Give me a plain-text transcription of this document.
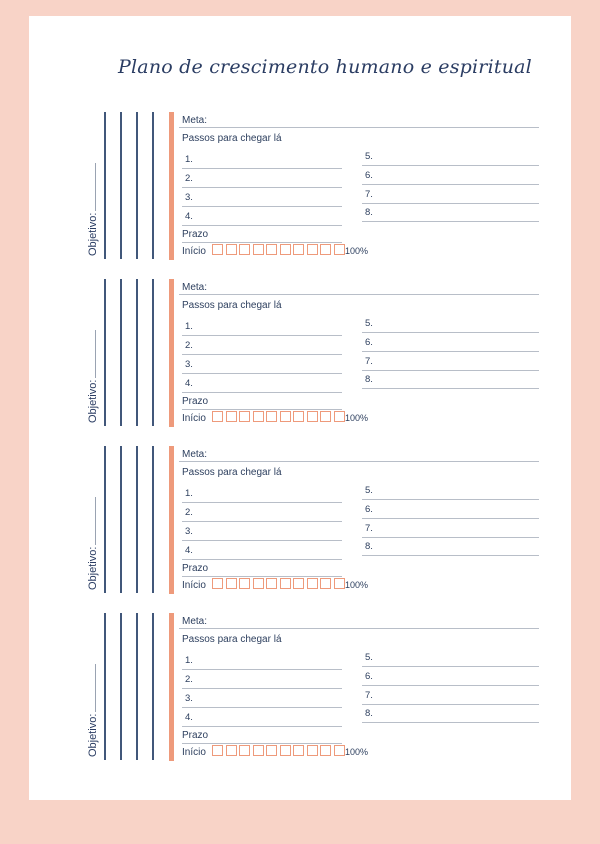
Plano de crescimento humano e espiritual
Objetivo:
Meta:
Passos para chegar lá
1.
2.
3.
4.
5.
6.
7.
8.
Prazo
Início	100%
Objetivo:
Meta:
Passos para chegar lá
1.
2.
3.
4.
5.
6.
7.
8.
Prazo
Início	100%
Objetivo:
Meta:
Passos para chegar lá
1.
2.
3.
4.
5.
6.
7.
8.
Prazo
Início	100%
Objetivo:
Meta:
Passos para chegar lá
1.
2.
3.
4.
5.
6.
7.
8.
Prazo
Início	100%
